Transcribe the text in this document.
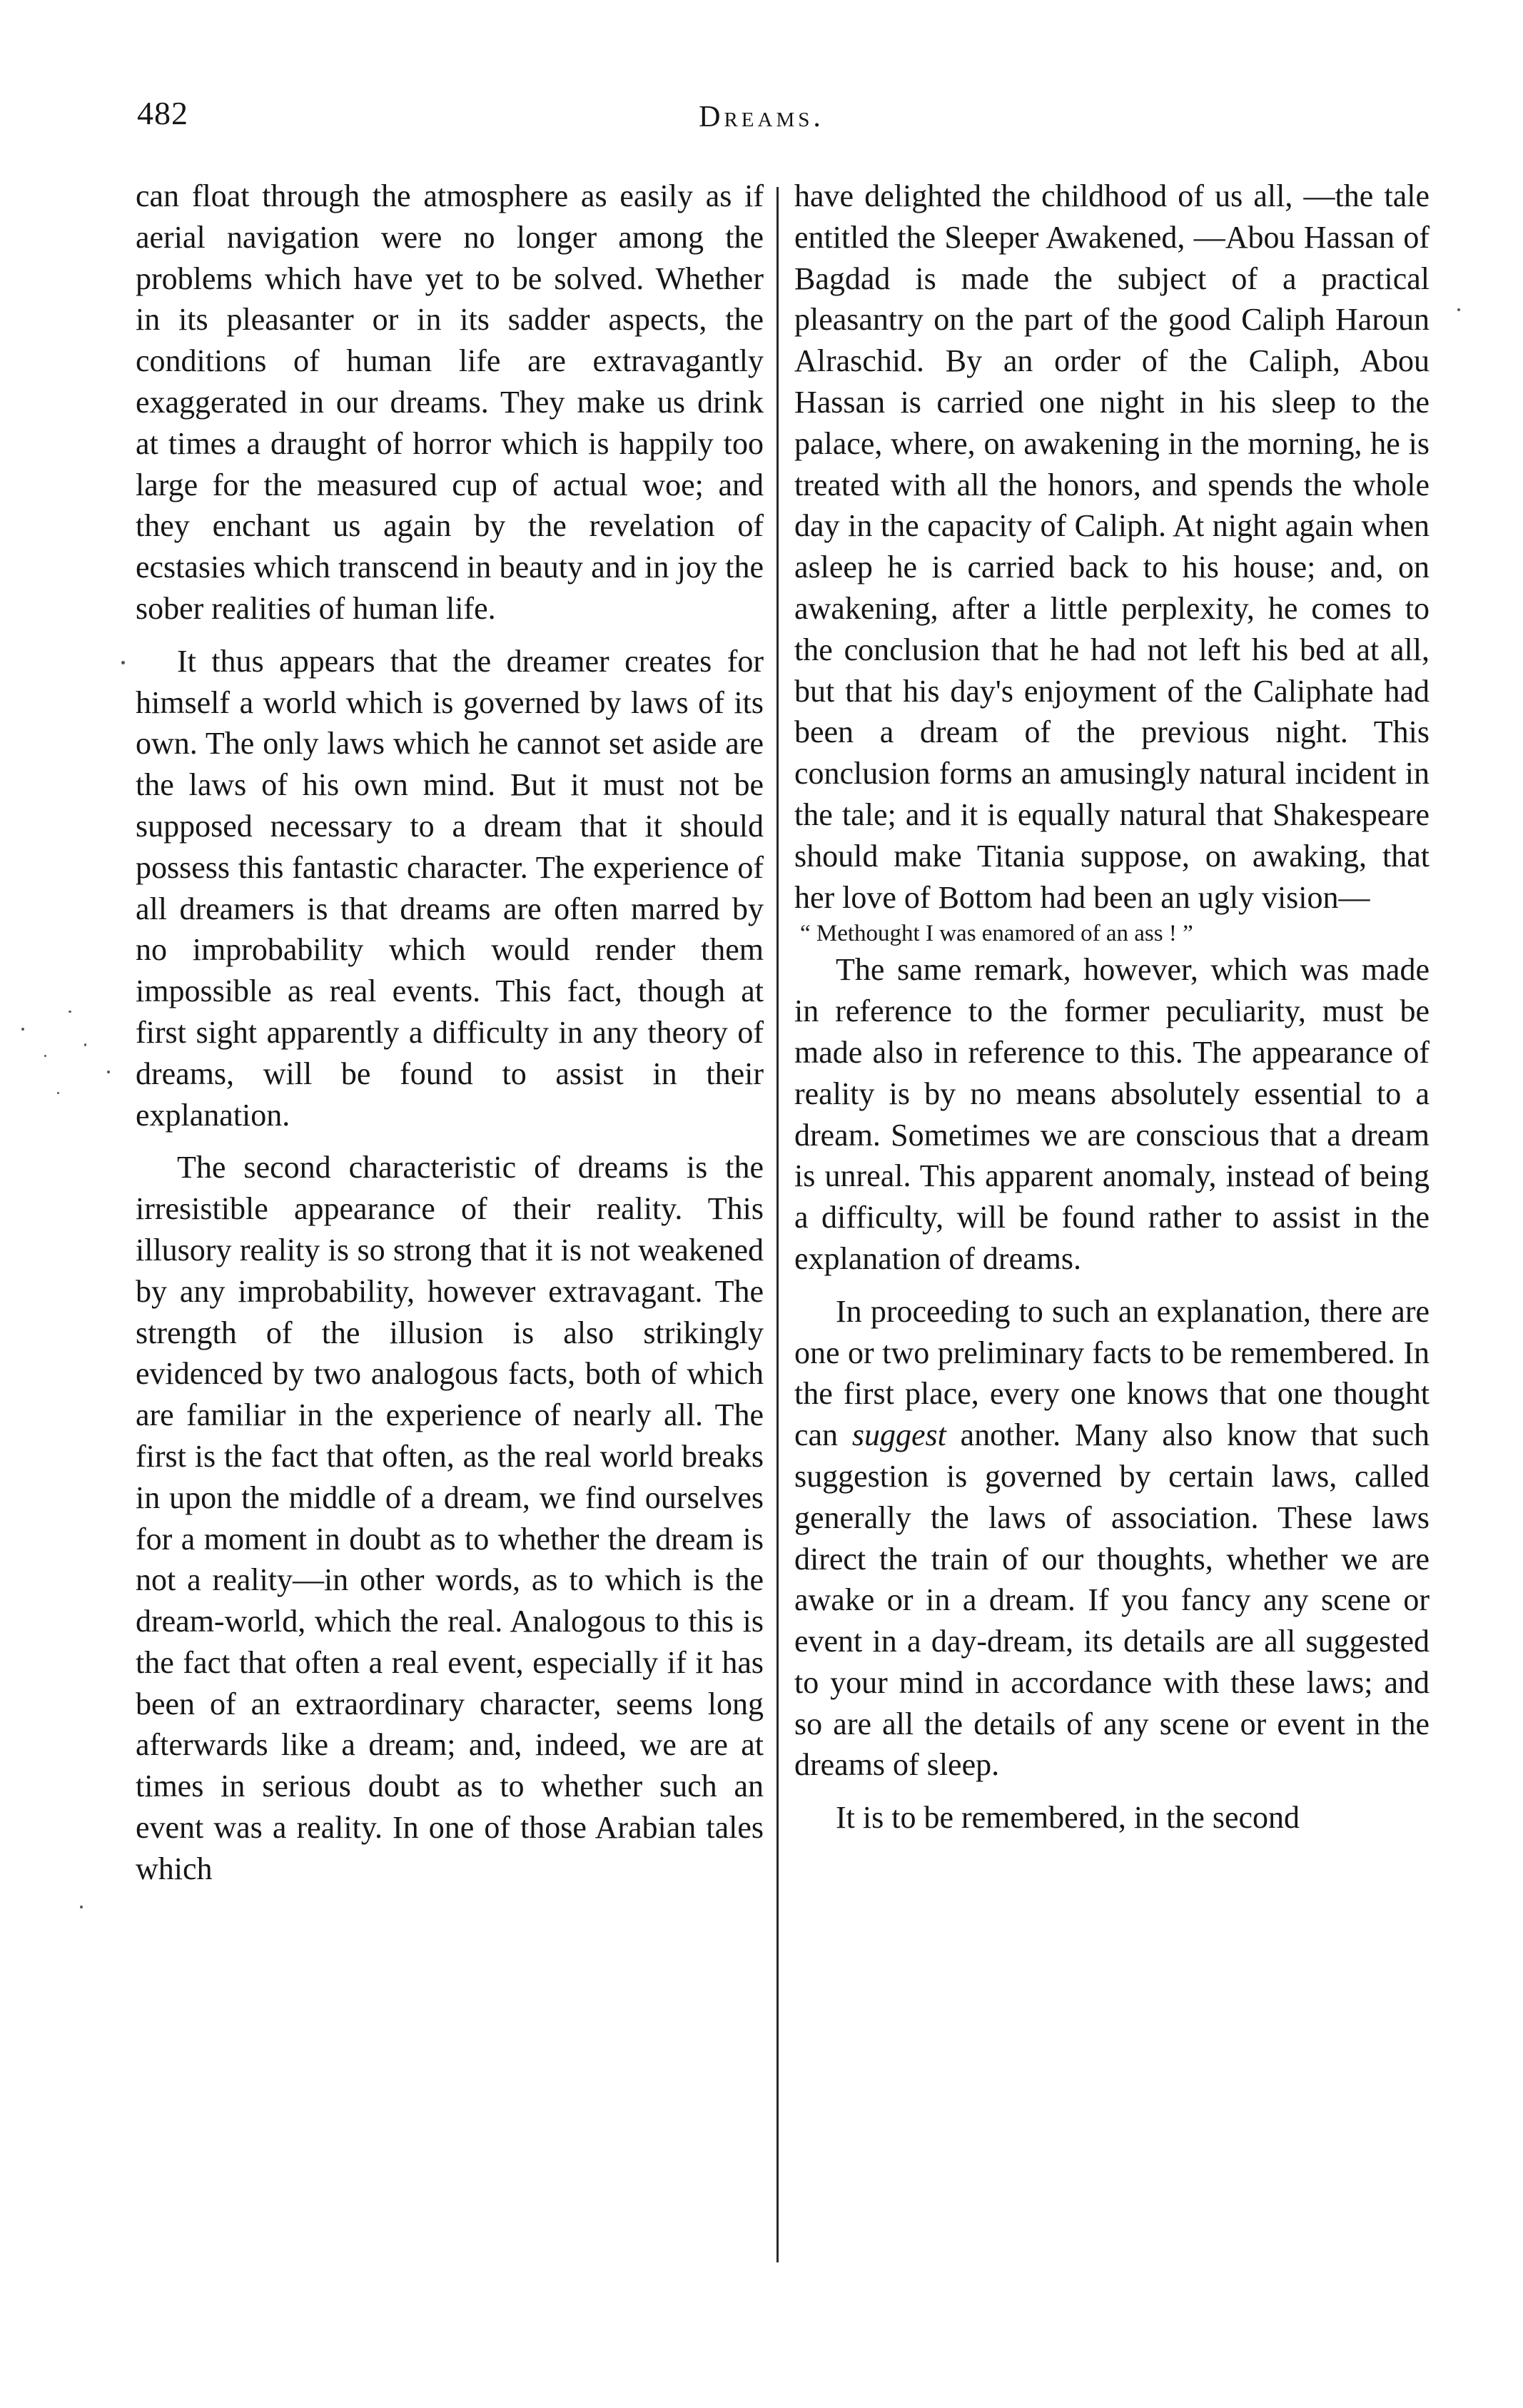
482	Dreams.

can float through the atmosphere as easily as if aerial navigation were no longer among the problems which have yet to be solved. Whether in its pleasanter or in its sadder aspects, the conditions of human life are extravagantly exaggerated in our dreams. They make us drink at times a draught of horror which is happily too large for the measured cup of actual woe; and they enchant us again by the revelation of ecstasies which transcend in beauty and in joy the sober realities of human life.

It thus appears that the dreamer creates for himself a world which is governed by laws of its own. The only laws which he cannot set aside are the laws of his own mind. But it must not be supposed necessary to a dream that it should possess this fantastic character. The experience of all dreamers is that dreams are often marred by no improbability which would render them impossible as real events. This fact, though at first sight apparently a difficulty in any theory of dreams, will be found to assist in their explanation.

The second characteristic of dreams is the irresistible appearance of their reality. This illusory reality is so strong that it is not weakened by any improbability, however extravagant. The strength of the illusion is also strikingly evidenced by two analogous facts, both of which are familiar in the experience of nearly all. The first is the fact that often, as the real world breaks in upon the middle of a dream, we find ourselves for a moment in doubt as to whether the dream is not a reality—in other words, as to which is the dream-world, which the real. Analogous to this is the fact that often a real event, especially if it has been of an extraordinary character, seems long afterwards like a dream; and, indeed, we are at times in serious doubt as to whether such an event was a reality. In one of those Arabian tales which

have delighted the childhood of us all, —the tale entitled the Sleeper Awakened, —Abou Hassan of Bagdad is made the subject of a practical pleasantry on the part of the good Caliph Haroun Alraschid. By an order of the Caliph, Abou Hassan is carried one night in his sleep to the palace, where, on awakening in the morning, he is treated with all the honors, and spends the whole day in the capacity of Caliph. At night again when asleep he is carried back to his house; and, on awakening, after a little perplexity, he comes to the conclusion that he had not left his bed at all, but that his day's enjoyment of the Caliphate had been a dream of the previous night. This conclusion forms an amusingly natural incident in the tale; and it is equally natural that Shakespeare should make Titania suppose, on awaking, that her love of Bottom had been an ugly vision—

“ Methought I was enamored of an ass ! ”

The same remark, however, which was made in reference to the former peculiarity, must be made also in reference to this. The appearance of reality is by no means absolutely essential to a dream. Sometimes we are conscious that a dream is unreal. This apparent anomaly, instead of being a difficulty, will be found rather to assist in the explanation of dreams.

In proceeding to such an explanation, there are one or two preliminary facts to be remembered. In the first place, every one knows that one thought can suggest another. Many also know that such suggestion is governed by certain laws, called generally the laws of association. These laws direct the train of our thoughts, whether we are awake or in a dream. If you fancy any scene or event in a day-dream, its details are all suggested to your mind in accordance with these laws; and so are all the details of any scene or event in the dreams of sleep.

It is to be remembered, in the second
